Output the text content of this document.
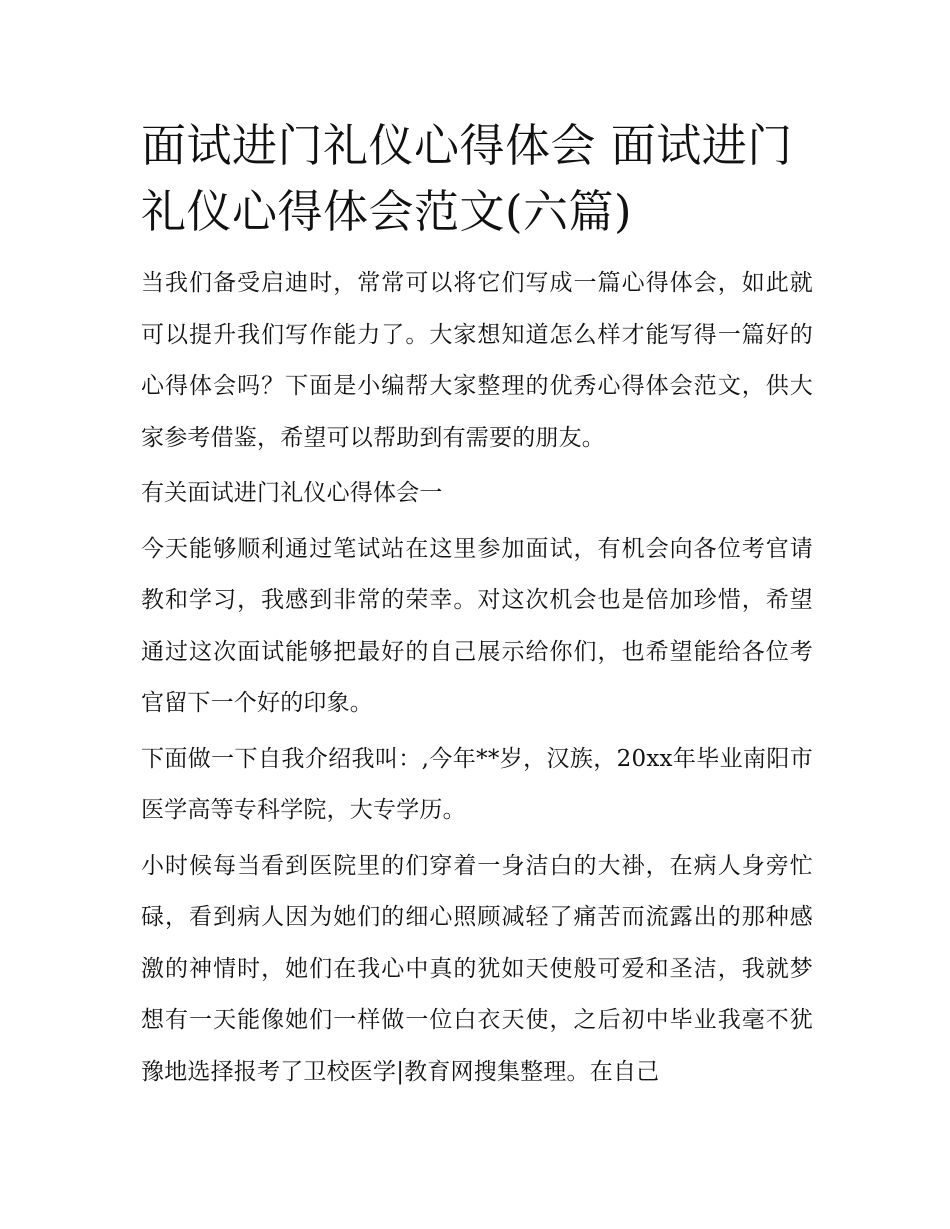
面试进门礼仪心得体会 面试进门礼仪心得体会范文(六篇)

当我们备受启迪时，常常可以将它们写成一篇心得体会，如此就可以提升我们写作能力了。大家想知道怎么样才能写得一篇好的心得体会吗？下面是小编帮大家整理的优秀心得体会范文，供大家参考借鉴，希望可以帮助到有需要的朋友。

有关面试进门礼仪心得体会一

今天能够顺利通过笔试站在这里参加面试，有机会向各位考官请教和学习，我感到非常的荣幸。对这次机会也是倍加珍惜，希望通过这次面试能够把最好的自己展示给你们，也希望能给各位考官留下一个好的印象。

下面做一下自我介绍我叫：,今年**岁，汉族，20xx年毕业南阳市医学高等专科学院，大专学历。

小时候每当看到医院里的们穿着一身洁白的大褂，在病人身旁忙碌，看到病人因为她们的细心照顾减轻了痛苦而流露出的那种感激的神情时，她们在我心中真的犹如天使般可爱和圣洁，我就梦想有一天能像她们一样做一位白衣天使，之后初中毕业我毫不犹豫地选择报考了卫校医学|教育网搜集整理。在自己
